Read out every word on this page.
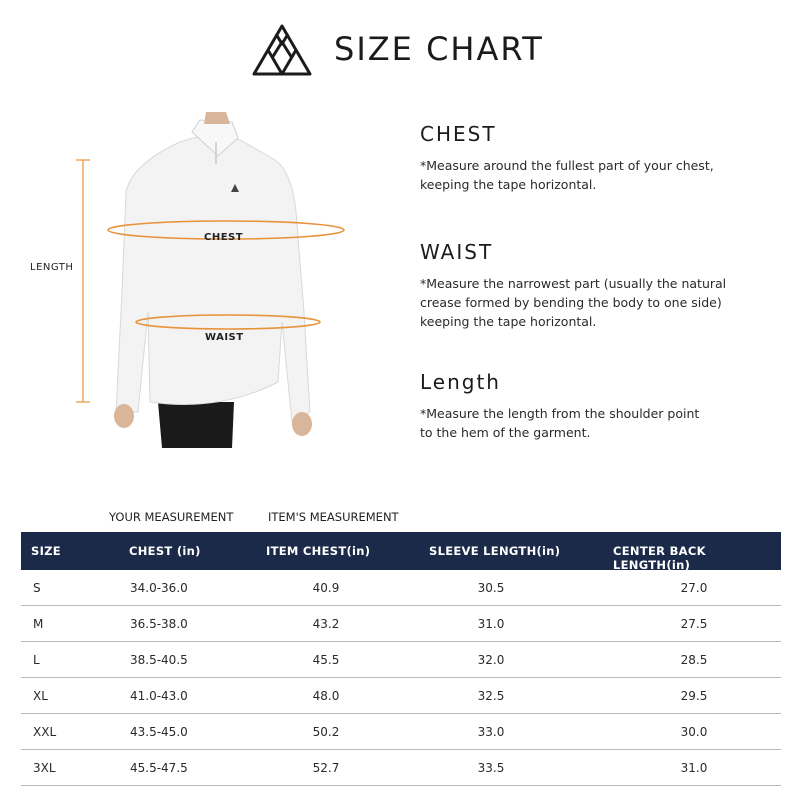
SIZE CHART
LENGTH
CHEST
WAIST
CHEST

*Measure around the fullest part of your chest,
keeping the tape horizontal.

WAIST

*Measure the narrowest part (usually the natural
crease formed by bending the body to one side)
keeping the tape horizontal.

Length

*Measure the length from the shoulder point
to the hem of the garment.

YOUR MEASUREMENT	ITEM'S MEASUREMENT
SIZE	CHEST (in)	ITEM CHEST(in)	SLEEVE LENGTH(in)	CENTER BACK LENGTH(in)
S	34.0-36.0	40.9	30.5	27.0
M	36.5-38.0	43.2	31.0	27.5
L	38.5-40.5	45.5	32.0	28.5
XL	41.0-43.0	48.0	32.5	29.5
XXL	43.5-45.0	50.2	33.0	30.0
3XL	45.5-47.5	52.7	33.5	31.0
